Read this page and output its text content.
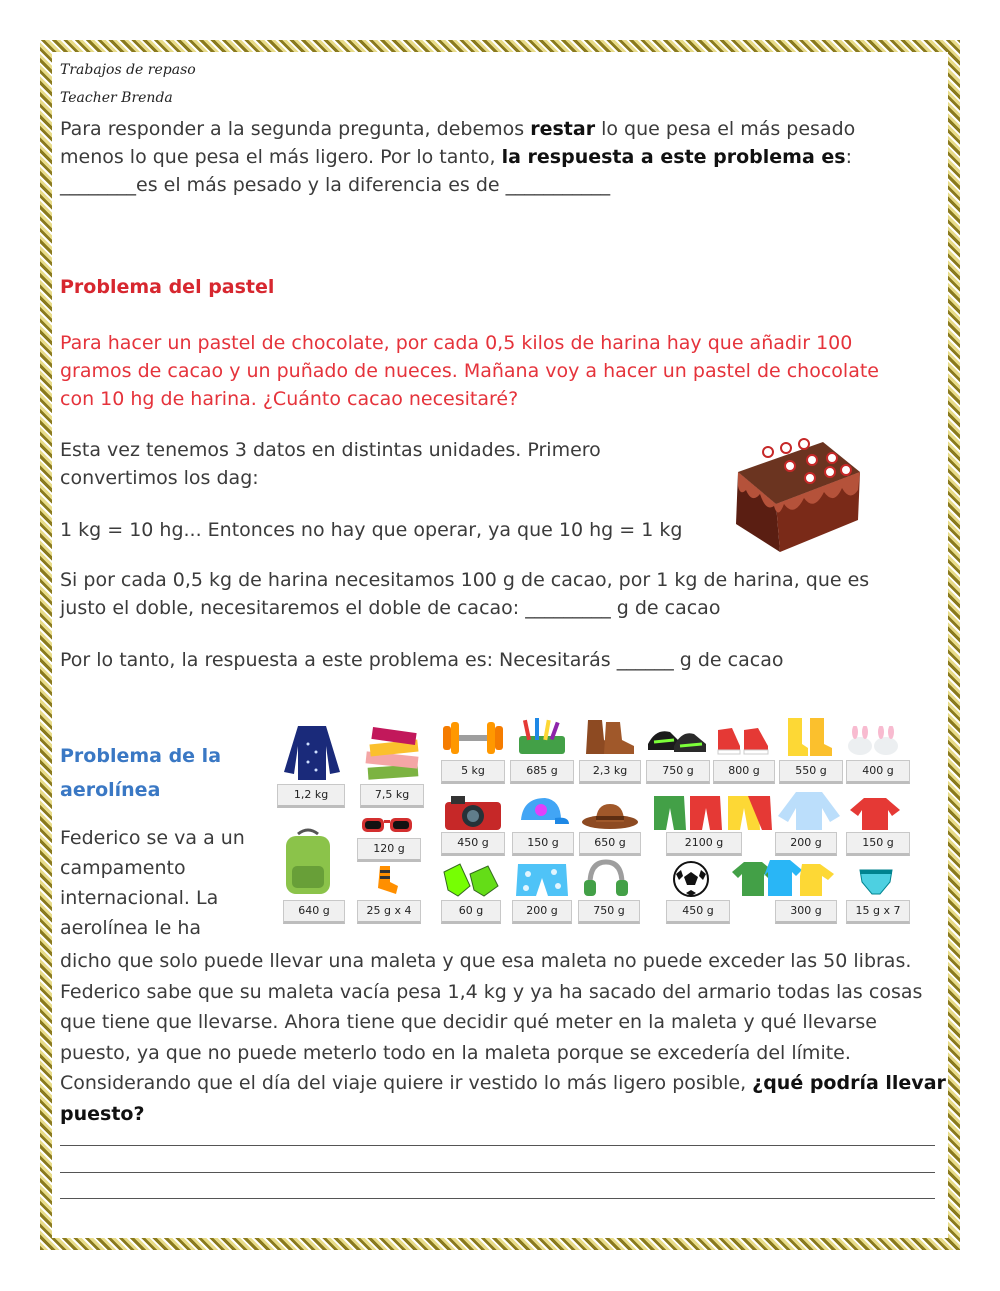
Trabajos de repaso
Teacher Brenda
Para responder a la segunda pregunta, debemos restar lo que pesa el más pesado
menos lo que pesa el más ligero. Por lo tanto, la respuesta a este problema es:
________es el más pesado y la diferencia es de ___________
Problema del pastel
Para hacer un pastel de chocolate, por cada 0,5 kilos de harina hay que añadir 100
gramos de cacao y un puñado de nueces. Mañana voy a hacer un pastel de chocolate
con 10 hg de harina. ¿Cuánto cacao necesitaré?
Esta vez tenemos 3 datos en distintas unidades. Primero
convertimos los dag:
1 kg = 10 hg... Entonces no hay que operar, ya que 10 hg = 1 kg
Si por cada 0,5 kg de harina necesitamos 100 g de cacao, por 1 kg de harina, que es
justo el doble, necesitaremos el doble de cacao: _________ g de cacao
Por lo tanto, la respuesta a este problema es: Necesitarás ______ g de cacao
Problema de la
aerolínea
Federico se va a un
campamento
internacional. La
aerolínea le ha
dicho que solo puede llevar una maleta y que esa maleta no puede exceder las 50 libras.
Federico sabe que su maleta vacía pesa 1,4 kg y ya ha sacado del armario todas las cosas
que tiene que llevarse. Ahora tiene que decidir qué meter en la maleta y qué llevarse
puesto, ya que no puede meterlo todo en la maleta porque se excedería del límite.
Considerando que el día del viaje quiere ir vestido lo más ligero posible, ¿qué podría llevar
puesto?
1,2 kg	7,5 kg
5 kg	685 g	2,3 kg	750 g	800 g	550 g	400 g
450 g
120 g	150 g	650 g	2100 g	200 g	150 g
640 g	25 g x 4	60 g	200 g	750 g	450 g	300 g	15 g x 7
